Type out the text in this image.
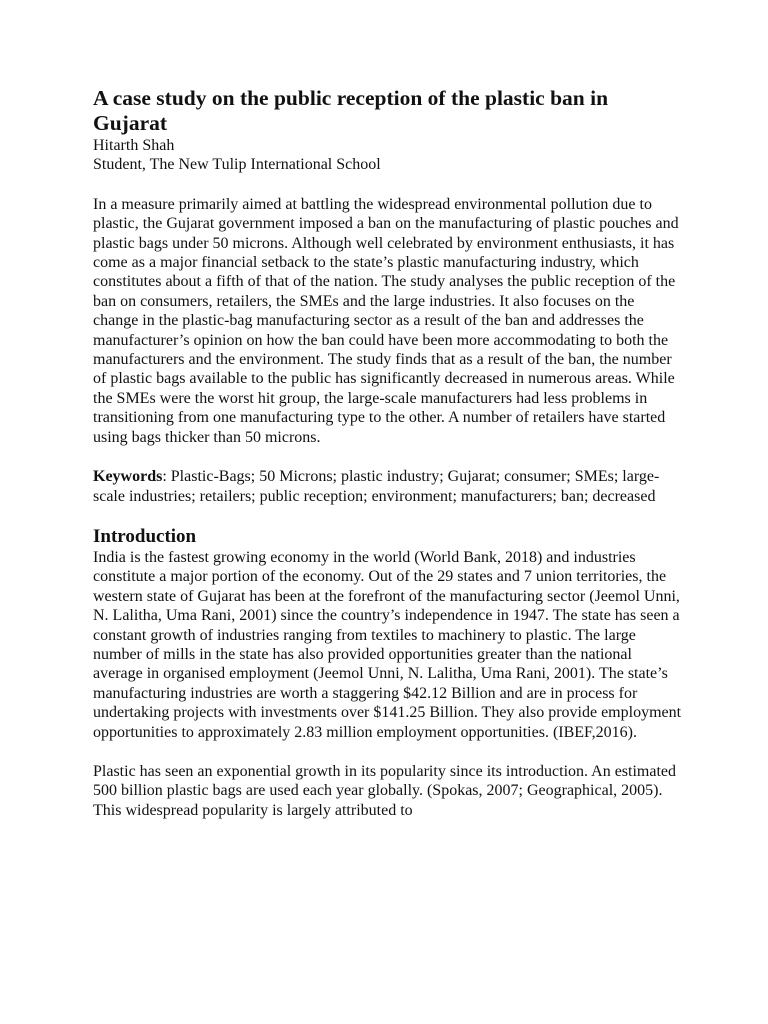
A case study on the public reception of the plastic ban in Gujarat

Hitarth Shah

Student, The New Tulip International School

In a measure primarily aimed at battling the widespread environmental pollution due to plastic, the Gujarat government imposed a ban on the manufacturing of plastic pouches and plastic bags under 50 microns. Although well celebrated by environment enthusiasts, it has come as a major financial setback to the state’s plastic manufacturing industry, which constitutes about a fifth of that of the nation. The study analyses the public reception of the ban on consumers, retailers, the SMEs and the large industries. It also focuses on the change in the plastic-bag manufacturing sector as a result of the ban and addresses the manufacturer’s opinion on how the ban could have been more accommodating to both the manufacturers and the environment. The study finds that as a result of the ban, the number of plastic bags available to the public has significantly decreased in numerous areas. While the SMEs were the worst hit group, the large-scale manufacturers had less problems in transitioning from one manufacturing type to the other. A number of retailers have started using bags thicker than 50 microns.

Keywords: Plastic-Bags; 50 Microns; plastic industry; Gujarat; consumer; SMEs; large-scale industries; retailers; public reception; environment; manufacturers; ban; decreased

Introduction

India is the fastest growing economy in the world (World Bank, 2018) and industries constitute a major portion of the economy. Out of the 29 states and 7 union territories, the western state of Gujarat has been at the forefront of the manufacturing sector (Jeemol Unni, N. Lalitha, Uma Rani, 2001) since the country’s independence in 1947. The state has seen a constant growth of industries ranging from textiles to machinery to plastic. The large number of mills in the state has also provided opportunities greater than the national average in organised employment (Jeemol Unni, N. Lalitha, Uma Rani, 2001). The state’s manufacturing industries are worth a staggering $42.12 Billion and are in process for undertaking projects with investments over $141.25 Billion. They also provide employment opportunities to approximately 2.83 million employment opportunities. (IBEF,2016).

Plastic has seen an exponential growth in its popularity since its introduction. An estimated 500 billion plastic bags are used each year globally. (Spokas, 2007; Geographical, 2005). This widespread popularity is largely attributed to
